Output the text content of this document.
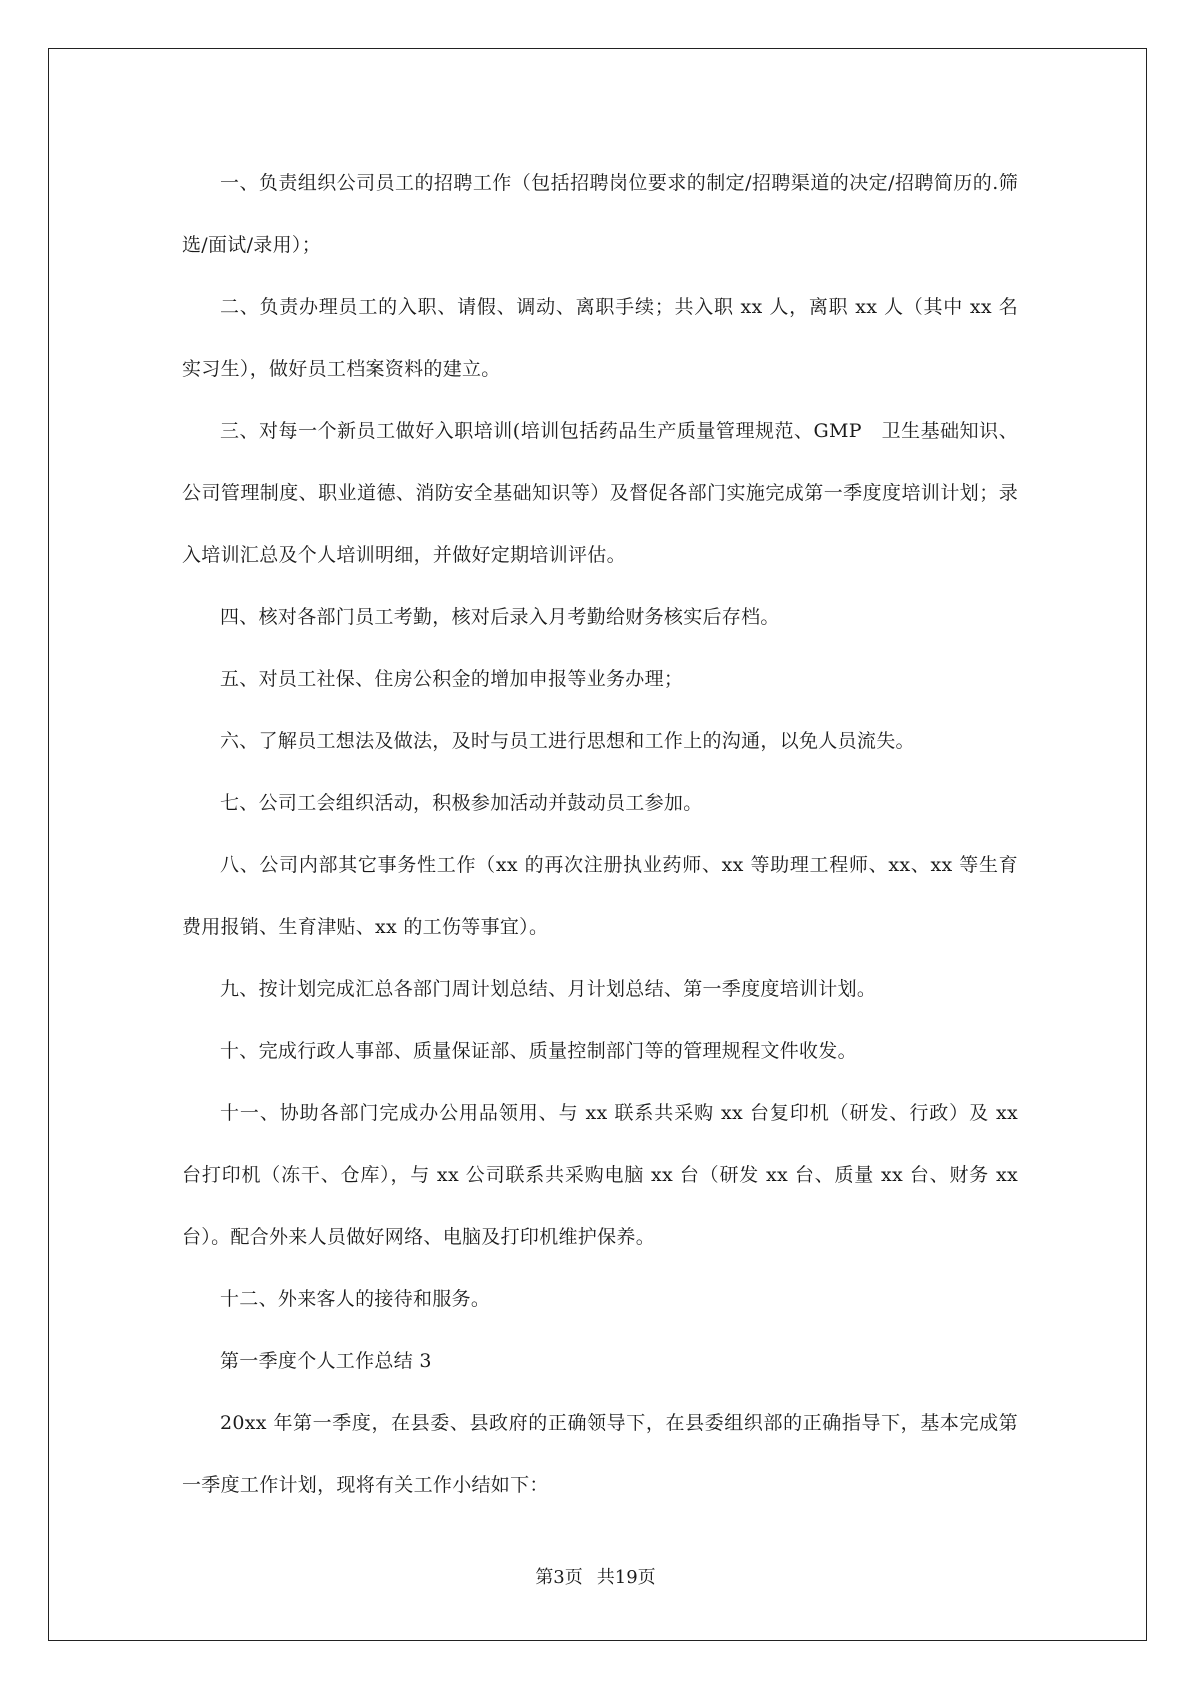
一、负责组织公司员工的招聘工作（包括招聘岗位要求的制定/招聘渠道的决定/招聘简历的.筛选/面试/录用）；

二、负责办理员工的入职、请假、调动、离职手续；共入职 xx 人，离职 xx 人（其中 xx 名实习生），做好员工档案资料的建立。

三、对每一个新员工做好入职培训(培训包括药品生产质量管理规范、GMP　卫生基础知识、公司管理制度、职业道德、消防安全基础知识等）及督促各部门实施完成第一季度度培训计划；录入培训汇总及个人培训明细，并做好定期培训评估。

四、核对各部门员工考勤，核对后录入月考勤给财务核实后存档。

五、对员工社保、住房公积金的增加申报等业务办理；

六、了解员工想法及做法，及时与员工进行思想和工作上的沟通，以免人员流失。

七、公司工会组织活动，积极参加活动并鼓动员工参加。

八、公司内部其它事务性工作（xx 的再次注册执业药师、xx 等助理工程师、xx、xx 等生育费用报销、生育津贴、xx 的工伤等事宜）。

九、按计划完成汇总各部门周计划总结、月计划总结、第一季度度培训计划。

十、完成行政人事部、质量保证部、质量控制部门等的管理规程文件收发。

十一、协助各部门完成办公用品领用、与 xx 联系共采购 xx 台复印机（研发、行政）及 xx 台打印机（冻干、仓库），与 xx 公司联系共采购电脑 xx 台（研发 xx 台、质量 xx 台、财务 xx 台）。配合外来人员做好网络、电脑及打印机维护保养。

十二、外来客人的接待和服务。

第一季度个人工作总结 3

20xx 年第一季度，在县委、县政府的正确领导下，在县委组织部的正确指导下，基本完成第一季度工作计划，现将有关工作小结如下：

第3页 共19页
